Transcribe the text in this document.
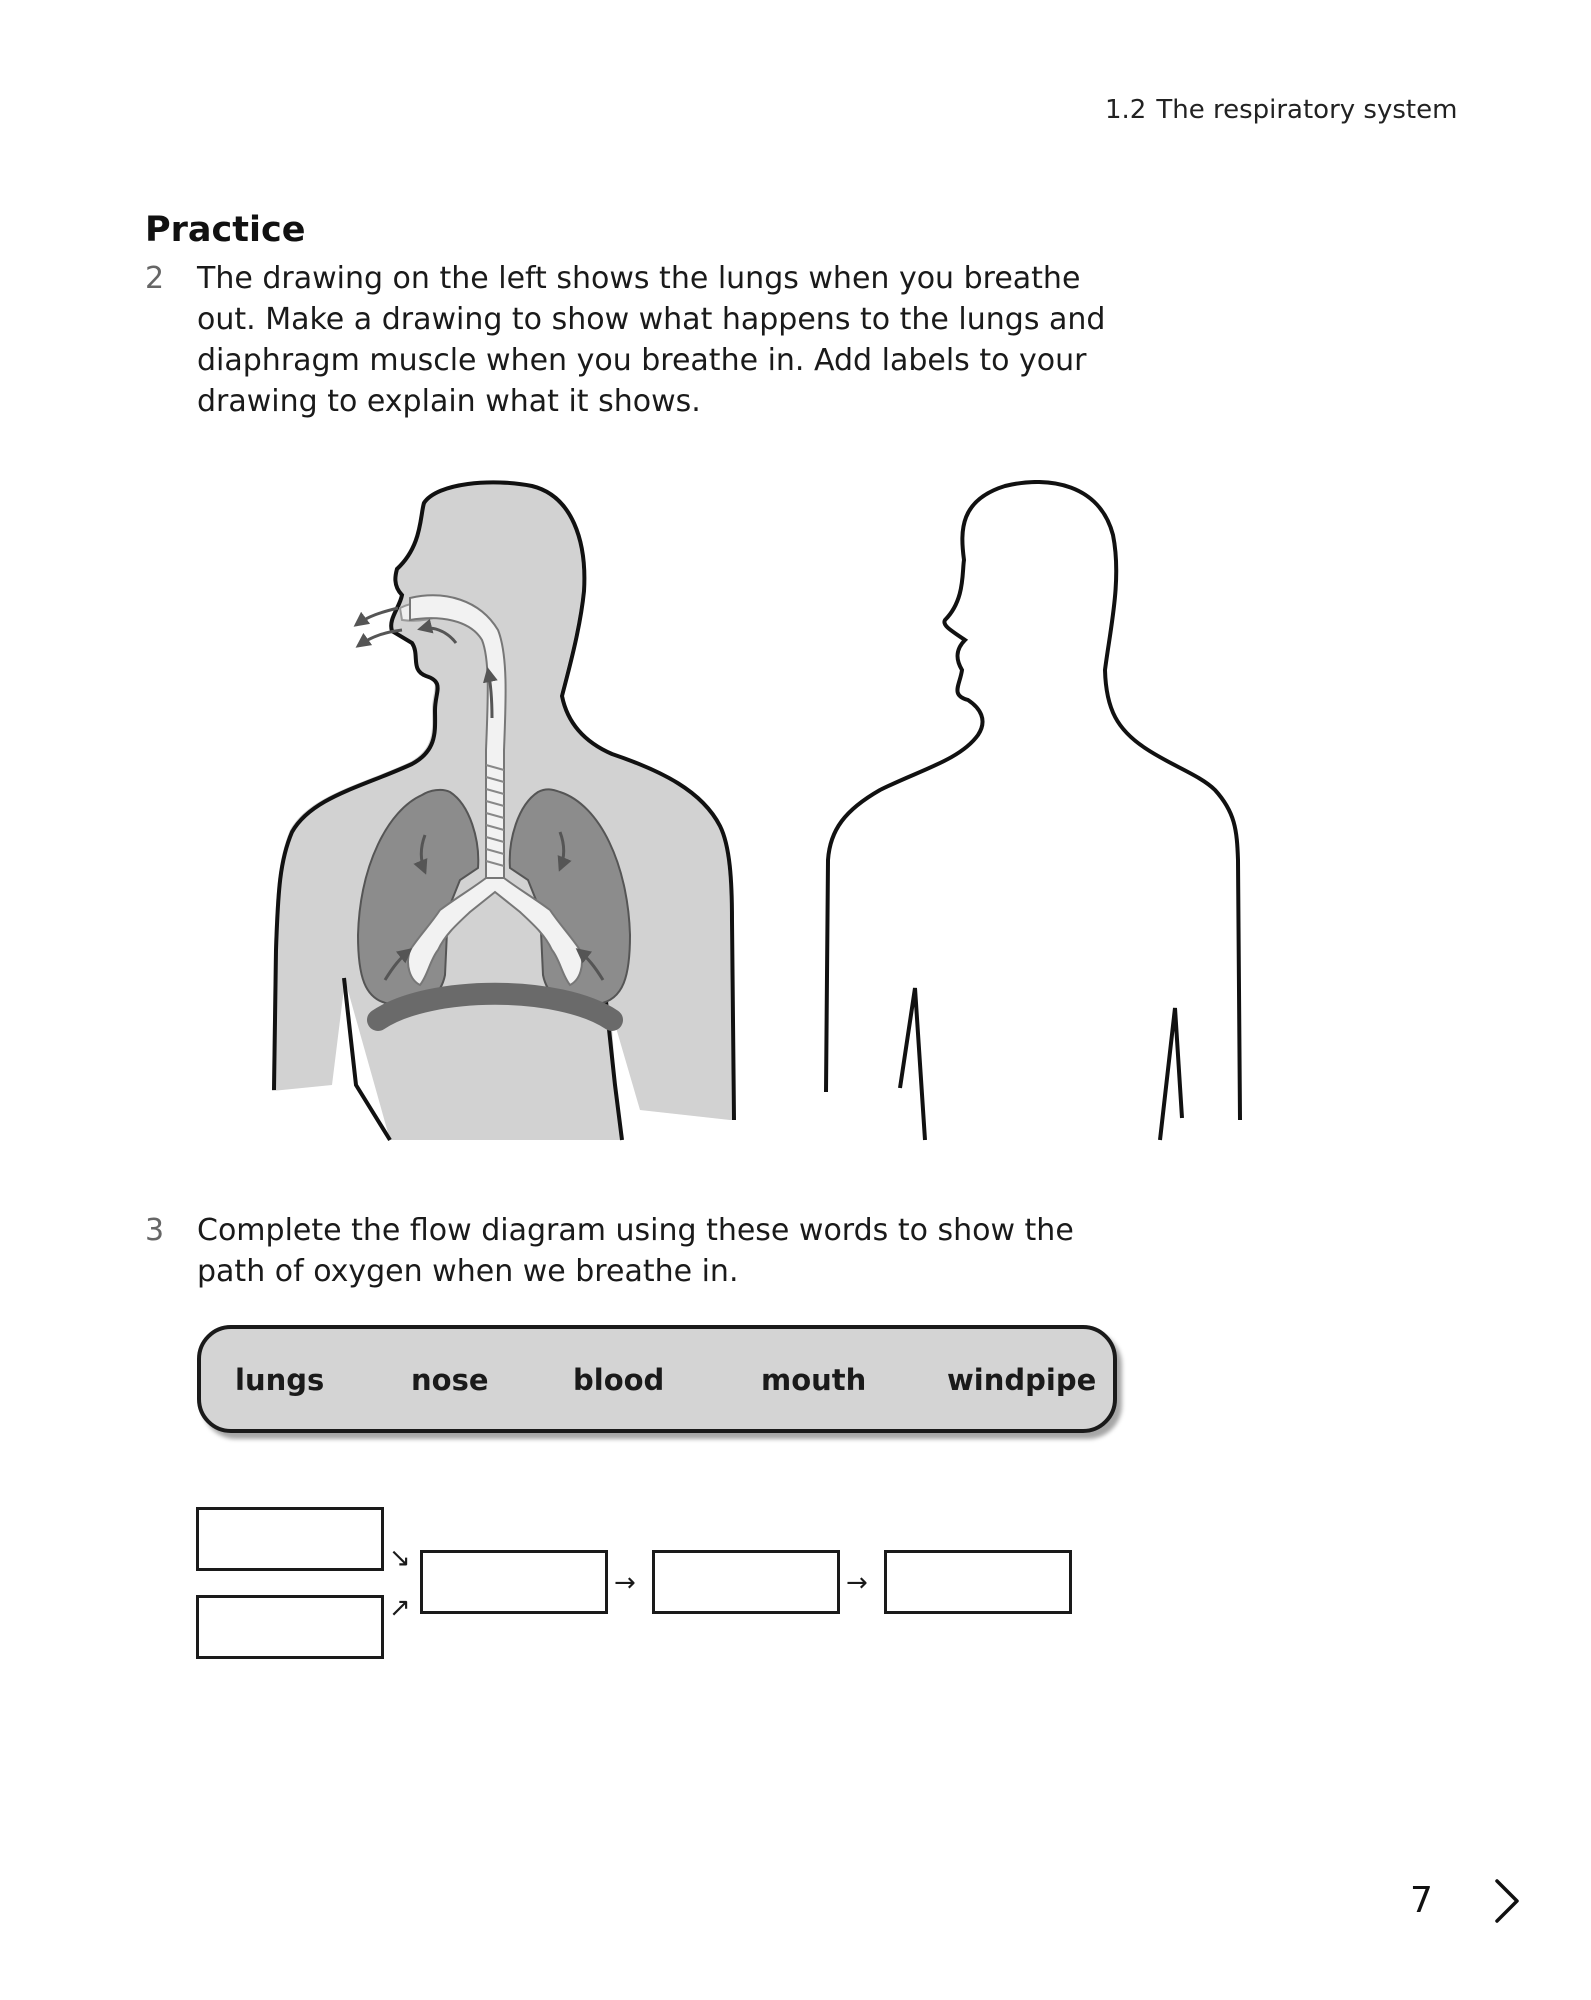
1.2 The respiratory system
Practice
2	The drawing on the left shows the lungs when you breathe out. Make a drawing to show what happens to the lungs and diaphragm muscle when you breathe in. Add labels to your drawing to explain what it shows.
3	Complete the flow diagram using these words to show the path of oxygen when we breathe in.
lungs	nose	blood	mouth	windpipe
↘
↗
→	→
7
